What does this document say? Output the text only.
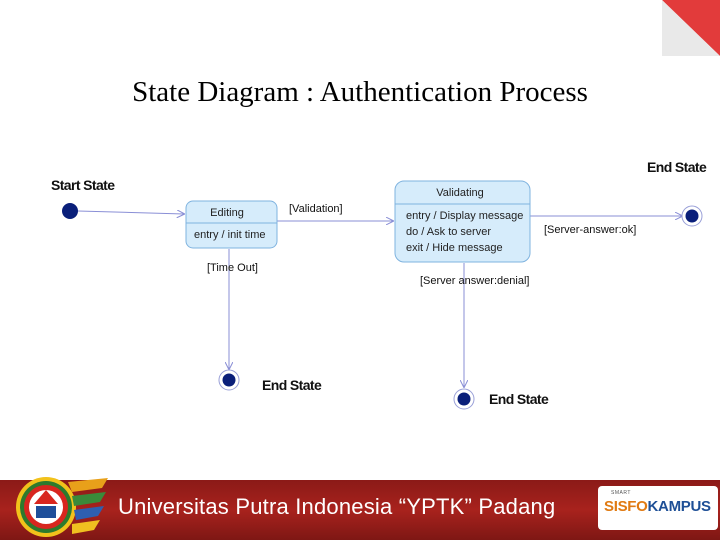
State Diagram : Authentication Process
Start State
Editing
entry / init time
Validating
entry / Display message
do / Ask to server
exit / Hide message
[Validation]
[Time Out]
[Server-answer:ok]
[Server answer:denial]
End State
End State
End State
Universitas Putra Indonesia “YPTK” Padang
SMART
SISFOKAMPUS
